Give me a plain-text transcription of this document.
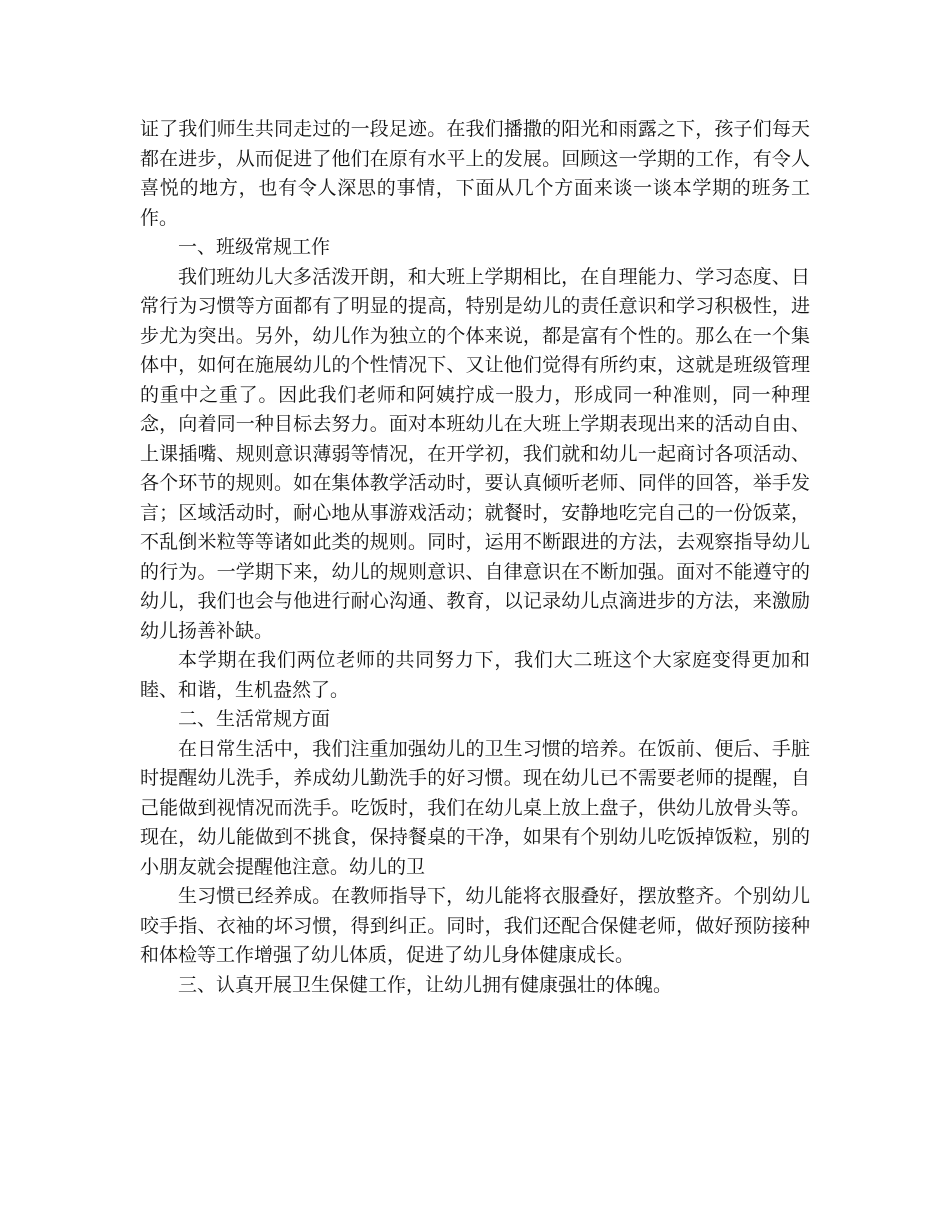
证了我们师生共同走过的一段足迹。在我们播撒的阳光和雨露之下，孩子们每天都在进步，从而促进了他们在原有水平上的发展。回顾这一学期的工作，有令人喜悦的地方，也有令人深思的事情，下面从几个方面来谈一谈本学期的班务工作。

一、班级常规工作

我们班幼儿大多活泼开朗，和大班上学期相比，在自理能力、学习态度、日常行为习惯等方面都有了明显的提高，特别是幼儿的责任意识和学习积极性，进步尤为突出。另外，幼儿作为独立的个体来说，都是富有个性的。那么在一个集体中，如何在施展幼儿的个性情况下、又让他们觉得有所约束，这就是班级管理的重中之重了。因此我们老师和阿姨拧成一股力，形成同一种准则，同一种理念，向着同一种目标去努力。面对本班幼儿在大班上学期表现出来的活动自由、上课插嘴、规则意识薄弱等情况，在开学初，我们就和幼儿一起商讨各项活动、各个环节的规则。如在集体教学活动时，要认真倾听老师、同伴的回答，举手发言；区域活动时，耐心地从事游戏活动；就餐时，安静地吃完自己的一份饭菜，不乱倒米粒等等诸如此类的规则。同时，运用不断跟进的方法，去观察指导幼儿的行为。一学期下来，幼儿的规则意识、自律意识在不断加强。面对不能遵守的幼儿，我们也会与他进行耐心沟通、教育，以记录幼儿点滴进步的方法，来激励幼儿扬善补缺。

本学期在我们两位老师的共同努力下，我们大二班这个大家庭变得更加和睦、和谐，生机盎然了。

二、生活常规方面

在日常生活中，我们注重加强幼儿的卫生习惯的培养。在饭前、便后、手脏时提醒幼儿洗手，养成幼儿勤洗手的好习惯。现在幼儿已不需要老师的提醒，自己能做到视情况而洗手。吃饭时，我们在幼儿桌上放上盘子，供幼儿放骨头等。现在，幼儿能做到不挑食，保持餐桌的干净，如果有个别幼儿吃饭掉饭粒，别的小朋友就会提醒他注意。幼儿的卫

生习惯已经养成。在教师指导下，幼儿能将衣服叠好，摆放整齐。个别幼儿咬手指、衣袖的坏习惯，得到纠正。同时，我们还配合保健老师，做好预防接种和体检等工作增强了幼儿体质，促进了幼儿身体健康成长。

三、认真开展卫生保健工作，让幼儿拥有健康强壮的体魄。
